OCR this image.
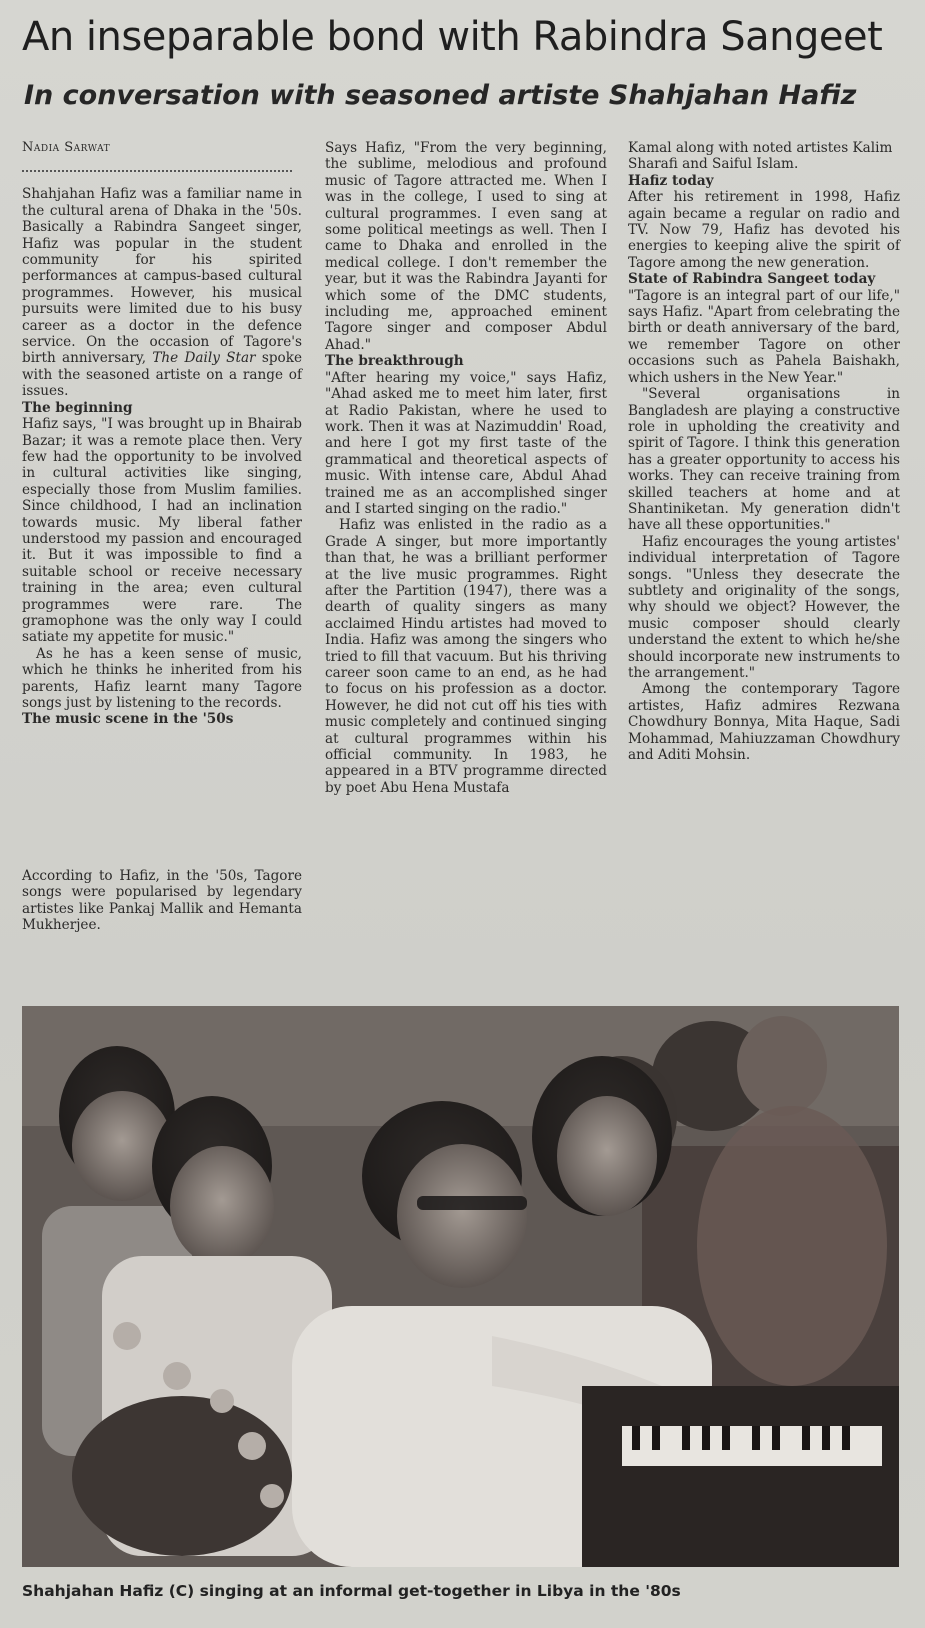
An inseparable bond with Rabindra Sangeet
In conversation with seasoned artiste Shahjahan Hafiz
Nadia Sarwat

Shahjahan Hafiz was a familiar name in the cultural arena of Dhaka in the '50s. Basically a Rabindra Sangeet singer, Hafiz was popular in the student community for his spirited performances at campus-based cultural programmes. However, his musical pursuits were limited due to his busy career as a doctor in the defence service. On the occasion of Tagore's birth anniversary, The Daily Star spoke with the seasoned artiste on a range of issues.

The beginning

Hafiz says, "I was brought up in Bhairab Bazar; it was a remote place then. Very few had the opportunity to be involved in cultural activities like singing, especially those from Muslim families. Since childhood, I had an inclination towards music. My liberal father understood my passion and encouraged it. But it was impossible to find a suitable school or receive necessary training in the area; even cultural programmes were rare. The gramophone was the only way I could satiate my appetite for music."

As he has a keen sense of music, which he thinks he inherited from his parents, Hafiz learnt many Tagore songs just by listening to the records.

The music scene in the '50s

According to Hafiz, in the '50s, Tagore songs were popularised by legendary artistes like Pankaj Mallik and Hemanta Mukherjee.

Says Hafiz, "From the very beginning, the sublime, melodious and profound music of Tagore attracted me. When I was in the college, I used to sing at cultural programmes. I even sang at some political meetings as well. Then I came to Dhaka and enrolled in the medical college. I don't remember the year, but it was the Rabindra Jayanti for which some of the DMC students, including me, approached eminent Tagore singer and composer Abdul Ahad."

The breakthrough

"After hearing my voice," says Hafiz, "Ahad asked me to meet him later, first at Radio Pakistan, where he used to work. Then it was at Nazimuddin' Road, and here I got my first taste of the grammatical and theoretical aspects of music. With intense care, Abdul Ahad trained me as an accomplished singer and I started singing on the radio."

Hafiz was enlisted in the radio as a Grade A singer, but more importantly than that, he was a brilliant performer at the live music programmes. Right after the Partition (1947), there was a dearth of quality singers as many acclaimed Hindu artistes had moved to India. Hafiz was among the singers who tried to fill that vacuum. But his thriving career soon came to an end, as he had to focus on his profession as a doctor. However, he did not cut off his ties with music completely and continued singing at cultural programmes within his official community. In 1983, he appeared in a BTV programme directed by poet Abu Hena Mustafa

Kamal along with noted artistes Kalim Sharafi and Saiful Islam.

Hafiz today

After his retirement in 1998, Hafiz again became a regular on radio and TV. Now 79, Hafiz has devoted his energies to keeping alive the spirit of Tagore among the new generation.

State of Rabindra Sangeet today

"Tagore is an integral part of our life," says Hafiz. "Apart from celebrating the birth or death anniversary of the bard, we remember Tagore on other occasions such as Pahela Baishakh, which ushers in the New Year."

"Several organisations in Bangladesh are playing a constructive role in upholding the creativity and spirit of Tagore. I think this generation has a greater opportunity to access his works. They can receive training from skilled teachers at home and at Shantiniketan. My generation didn't have all these opportunities."

Hafiz encourages the young artistes' individual interpretation of Tagore songs. "Unless they desecrate the subtlety and originality of the songs, why should we object? However, the music composer should clearly understand the extent to which he/she should incorporate new instruments to the arrangement."

Among the contemporary Tagore artistes, Hafiz admires Rezwana Chowdhury Bonnya, Mita Haque, Sadi Mohammad, Mahiuzzaman Chowdhury and Aditi Mohsin.

Shahjahan Hafiz (C) singing at an informal get-together in Libya in the '80s
